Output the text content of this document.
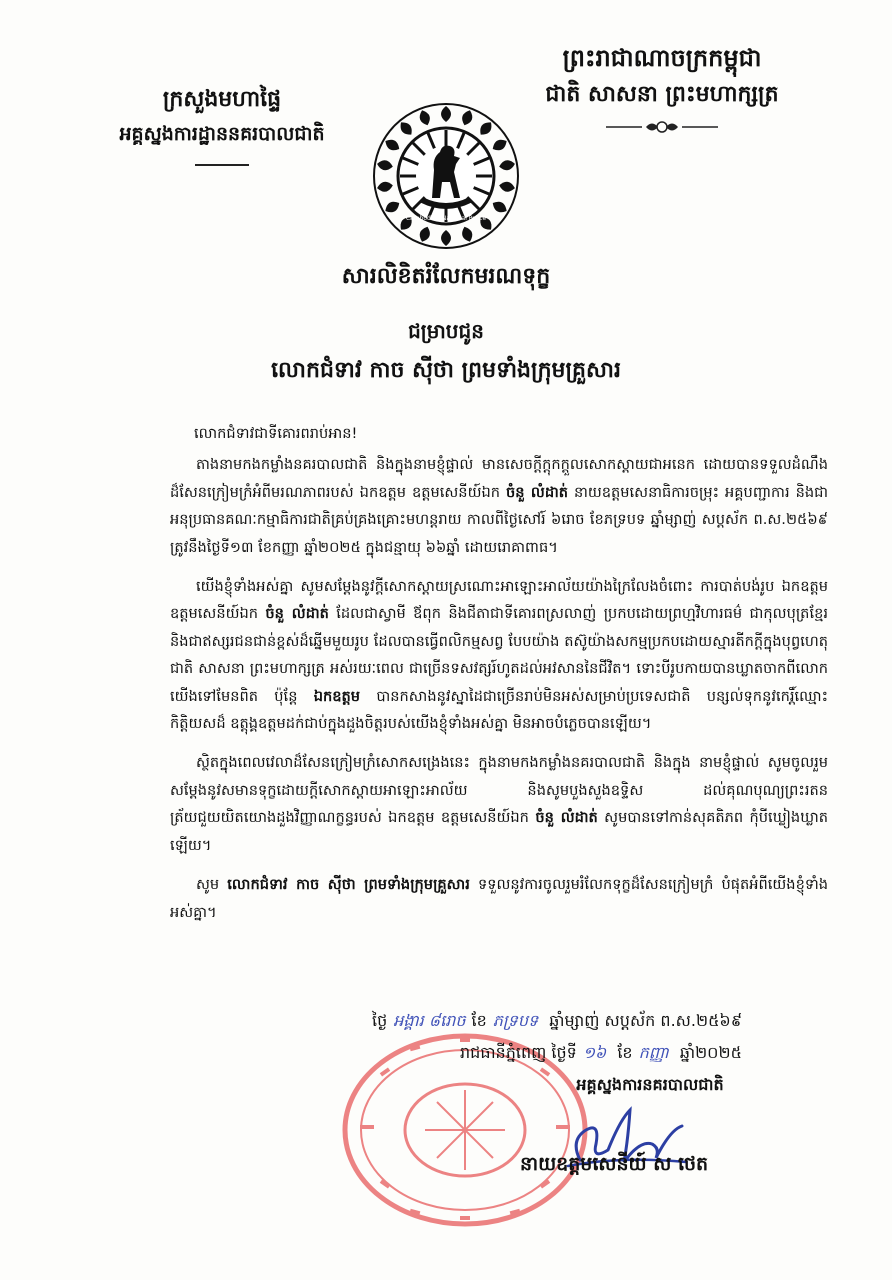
ព្រះរាជាណាចក្រកម្ពុជា
ជាតិ សាសនា ព្រះមហាក្សត្រ
ក្រសួងមហាផ្ទៃ
អគ្គស្នងការដ្ឋាននគរបាលជាតិ
Cambodian National Police
សារលិខិតរំលែកមរណទុក្ខ
ជម្រាបជូន
លោកជំទាវ កាច ស៊ីថា ព្រមទាំងក្រុមគ្រួសារ

លោកជំទាវជាទីគោរពរាប់អាន!

តាងនាមកងកម្លាំងនគរបាលជាតិ និងក្នុងនាមខ្ញុំផ្ទាល់ មានសេចក្តីក្តុកក្តួលសោកស្តាយជាអនេក ដោយបានទទួលដំណឹងដ៏សែនក្រៀមក្រំអំពីមរណភាពរបស់ ឯកឧត្តម ឧត្តមសេនីយ៍ឯក ចំនួ លំដាត់ នាយឧត្តមសេនាធិការចម្រុះ អគ្គបញ្ជាការ និងជាអនុប្រធានគណៈកម្មាធិការជាតិគ្រប់គ្រងគ្រោះមហន្តរាយ កាលពីថ្ងៃសៅរ៍ ៦រោច ខែភទ្របទ ឆ្នាំម្សាញ់ សប្តស័ក ព.ស.២៥៦៩ ត្រូវនឹងថ្ងៃទី១៣ ខែកញ្ញា ឆ្នាំ២០២៥ ក្នុងជន្មាយុ ៦៦ឆ្នាំ ដោយរោគាពាធ។

យើងខ្ញុំទាំងអស់គ្នា សូមសម្តែងនូវក្តីសោកស្តាយស្រណោះអាឡោះអាល័យយ៉ាងក្រៃលែងចំពោះ ការបាត់បង់រូប ឯកឧត្តម ឧត្តមសេនីយ៍ឯក ចំនួ លំដាត់ ដែលជាស្វាមី ឪពុក និងជីតាជាទីគោរពស្រលាញ់ ប្រកបដោយព្រហ្មវិហារធម៌ ជាកុលបុត្រខ្មែរ និងជាឥស្សរជនជាន់ខ្ពស់ដ៏ឆ្នើមមួយរូប ដែលបានធ្វើពលិកម្មសព្វ បែបយ៉ាង តស៊ូយ៉ាងសកម្មប្រកបដោយស្មារតីកក្តីក្នុងបុព្វហេតុជាតិ សាសនា ព្រះមហាក្សត្រ អស់រយៈពេល ជាច្រើនទសវត្សរ៍ហូតដល់អវសាននៃជីវិត។ ទោះបីរូបកាយបានឃ្លាតចាកពីលោកយើងទៅមែនពិត ប៉ុន្តែ ឯកឧត្តម បានកសាងនូវស្នាដៃជាច្រើនរាប់មិនអស់សម្រាប់ប្រទេសជាតិ បន្សល់ទុកនូវកេរ្តិ៍ឈ្មោះ កិត្តិយសដ៏ ឧត្តុង្គឧត្តមដក់ជាប់ក្នុងដួងចិត្តរបស់យើងខ្ញុំទាំងអស់គ្នា មិនអាចបំភ្លេចបានឡើយ។

ស្ថិតក្នុងពេលវេលាដ៏សែនក្រៀមក្រំសោកសង្រេងនេះ ក្នុងនាមកងកម្លាំងនគរបាលជាតិ និងក្នុង នាមខ្ញុំផ្ទាល់ សូមចូលរួមសម្តែងនូវសមានទុក្ខដោយក្តីសោកស្តាយអាឡោះអាល័យ និងសូមបួងសួងឧទ្ទិស ដល់គុណបុណ្យព្រះរតនត្រ័យជួយយិតយោងដួងវិញ្ញាណក្ខន្ធរបស់ ឯកឧត្តម ឧត្តមសេនីយ៍ឯក ចំនួ លំដាត់ សូមបានទៅកាន់សុគតិភព កុំបីឃ្លៀងឃ្លាតឡើយ។

សូម លោកជំទាវ កាច ស៊ីថា ព្រមទាំងក្រុមគ្រួសារ ទទួលនូវការចូលរួមរំលែកទុក្ខដ៏សែនក្រៀមក្រំ បំផុតអំពីយើងខ្ញុំទាំងអស់គ្នា។

ថ្ងៃ អង្គារ ៨រោច ខែ ភទ្របទ ឆ្នាំម្សាញ់ សប្តស័ក ព.ស.២៥៦៩
រាជធានីភ្នំពេញ ថ្ងៃទី ១៦ ខែ កញ្ញា ឆ្នាំ២០២៥
អគ្គស្នងការនគរបាលជាតិ
នាយឧត្តមសេនីយ៍ ស ថេត
